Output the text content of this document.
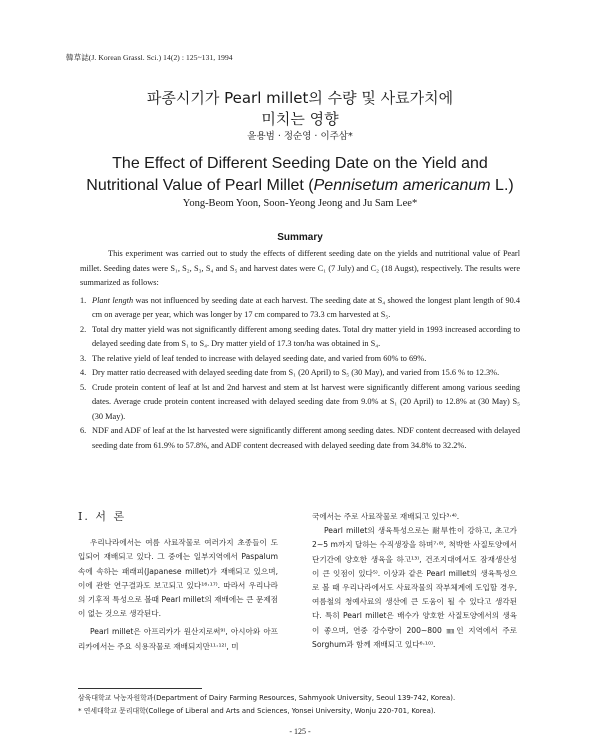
韓草誌(J. Korean Grassl. Sci.) 14(2) : 125~131, 1994
파종시기가 Pearl millet의 수량 및 사료가치에
미치는 영향
윤용범 · 정순영 · 이주삼*
The Effect of Different Seeding Date on the Yield and
Nutritional Value of Pearl Millet (Pennisetum americanum L.)
Yong-Beom Yoon, Soon-Yeong Jeong and Ju Sam Lee*
Summary

This experiment was carried out to study the effects of different seeding date on the yields and nutritional value of Pearl millet. Seeding dates were S₁, S₂, S₃, S₄ and S₅ and harvest dates were C₁ (7 July) and C₂ (18 Augst), respectively. The results were summarized as follows:

1. Plant length was not influenced by seeding date at each harvest. The seeding date at S₄ showed the longest plant length of 90.4 cm on average per year, which was longer by 17 cm compared to 73.3 cm harvested at S₅.
2. Total dry matter yield was not significantly different among seeding dates. Total dry matter yield in 1993 increased according to delayed seeding date from S₁ to S₄. Dry matter yield of 17.3 ton/ha was obtained in S₄.
3. The relative yield of leaf tended to increase with delayed seeding date, and varied from 60% to 69%.
4. Dry matter ratio decreased with delayed seeding date from S₁ (20 April) to S₅ (30 May), and varied from 15.6 % to 12.3%.
5. Crude protein content of leaf at lst and 2nd harvest and stem at lst harvest were significantly different among various seeding dates. Average crude protein content increased with delayed seeding date from 9.0% at S₁ (20 April) to 12.8% at (30 May) S₅ (30 May).
6. NDF and ADF of leaf at the lst harvested were significantly different among seeding dates. NDF content decreased with delayed seeding date from 61.9% to 57.8%, and ADF content decreased with delayed seeding date from 34.8% to 32.2%.
Ⅰ. 서 론

우리나라에서는 여름 사료작물로 여러가지 초종들이 도입되어 재배되고 있다. 그 중에는 일부지역에서 Paspalum속에 속하는 패래피(Japanese millet)가 재배되고 있으며, 이에 관한 연구결과도 보고되고 있다¹⁶·¹⁷⁾. 따라서 우리나라의 기후적 특성으로 볼때 Pearl millet의 재배에는 큰 문제점이 없는 것으로 생각된다.

Pearl millet은 아프리카가 원산지로써⁹⁾, 아시아와 아프리카에서는 주요 식용작물로 재배되지만¹¹·¹²⁾, 미

국에서는 주로 사료작물로 재배되고 있다³·⁴⁾.

Pearl millet의 생육특성으로는 耐旱性이 강하고, 초고가 2~5 m까지 달하는 수직생장을 하며⁷·⁸⁾, 척박한 사질토양에서 단기간에 양호한 생육을 하고¹³⁾, 건조지대에서도 잠재생산성이 큰 잇점이 있다⁵⁾. 이상과 같은 Pearl millet의 생육특성으로 볼 때 우리나라에서도 사료작물의 작부체계에 도입할 경우, 여름철의 청예사료의 생산에 큰 도움이 될 수 있다고 생각된다. 특히 Pearl millet은 배수가 양호한 사질토양에서의 생육이 좋으며, 연중 강수량이 200~800 ㎜인 지역에서 주로 Sorghum과 함께 재배되고 있다⁶·¹⁰⁾.

삼육대학교 낙농자원학과(Department of Dairy Farming Resources, Sahmyook University, Seoul 139-742, Korea).
* 연세대학교 문리대학(College of Liberal and Arts and Sciences, Yonsei University, Wonju 220-701, Korea).
- 125 -
